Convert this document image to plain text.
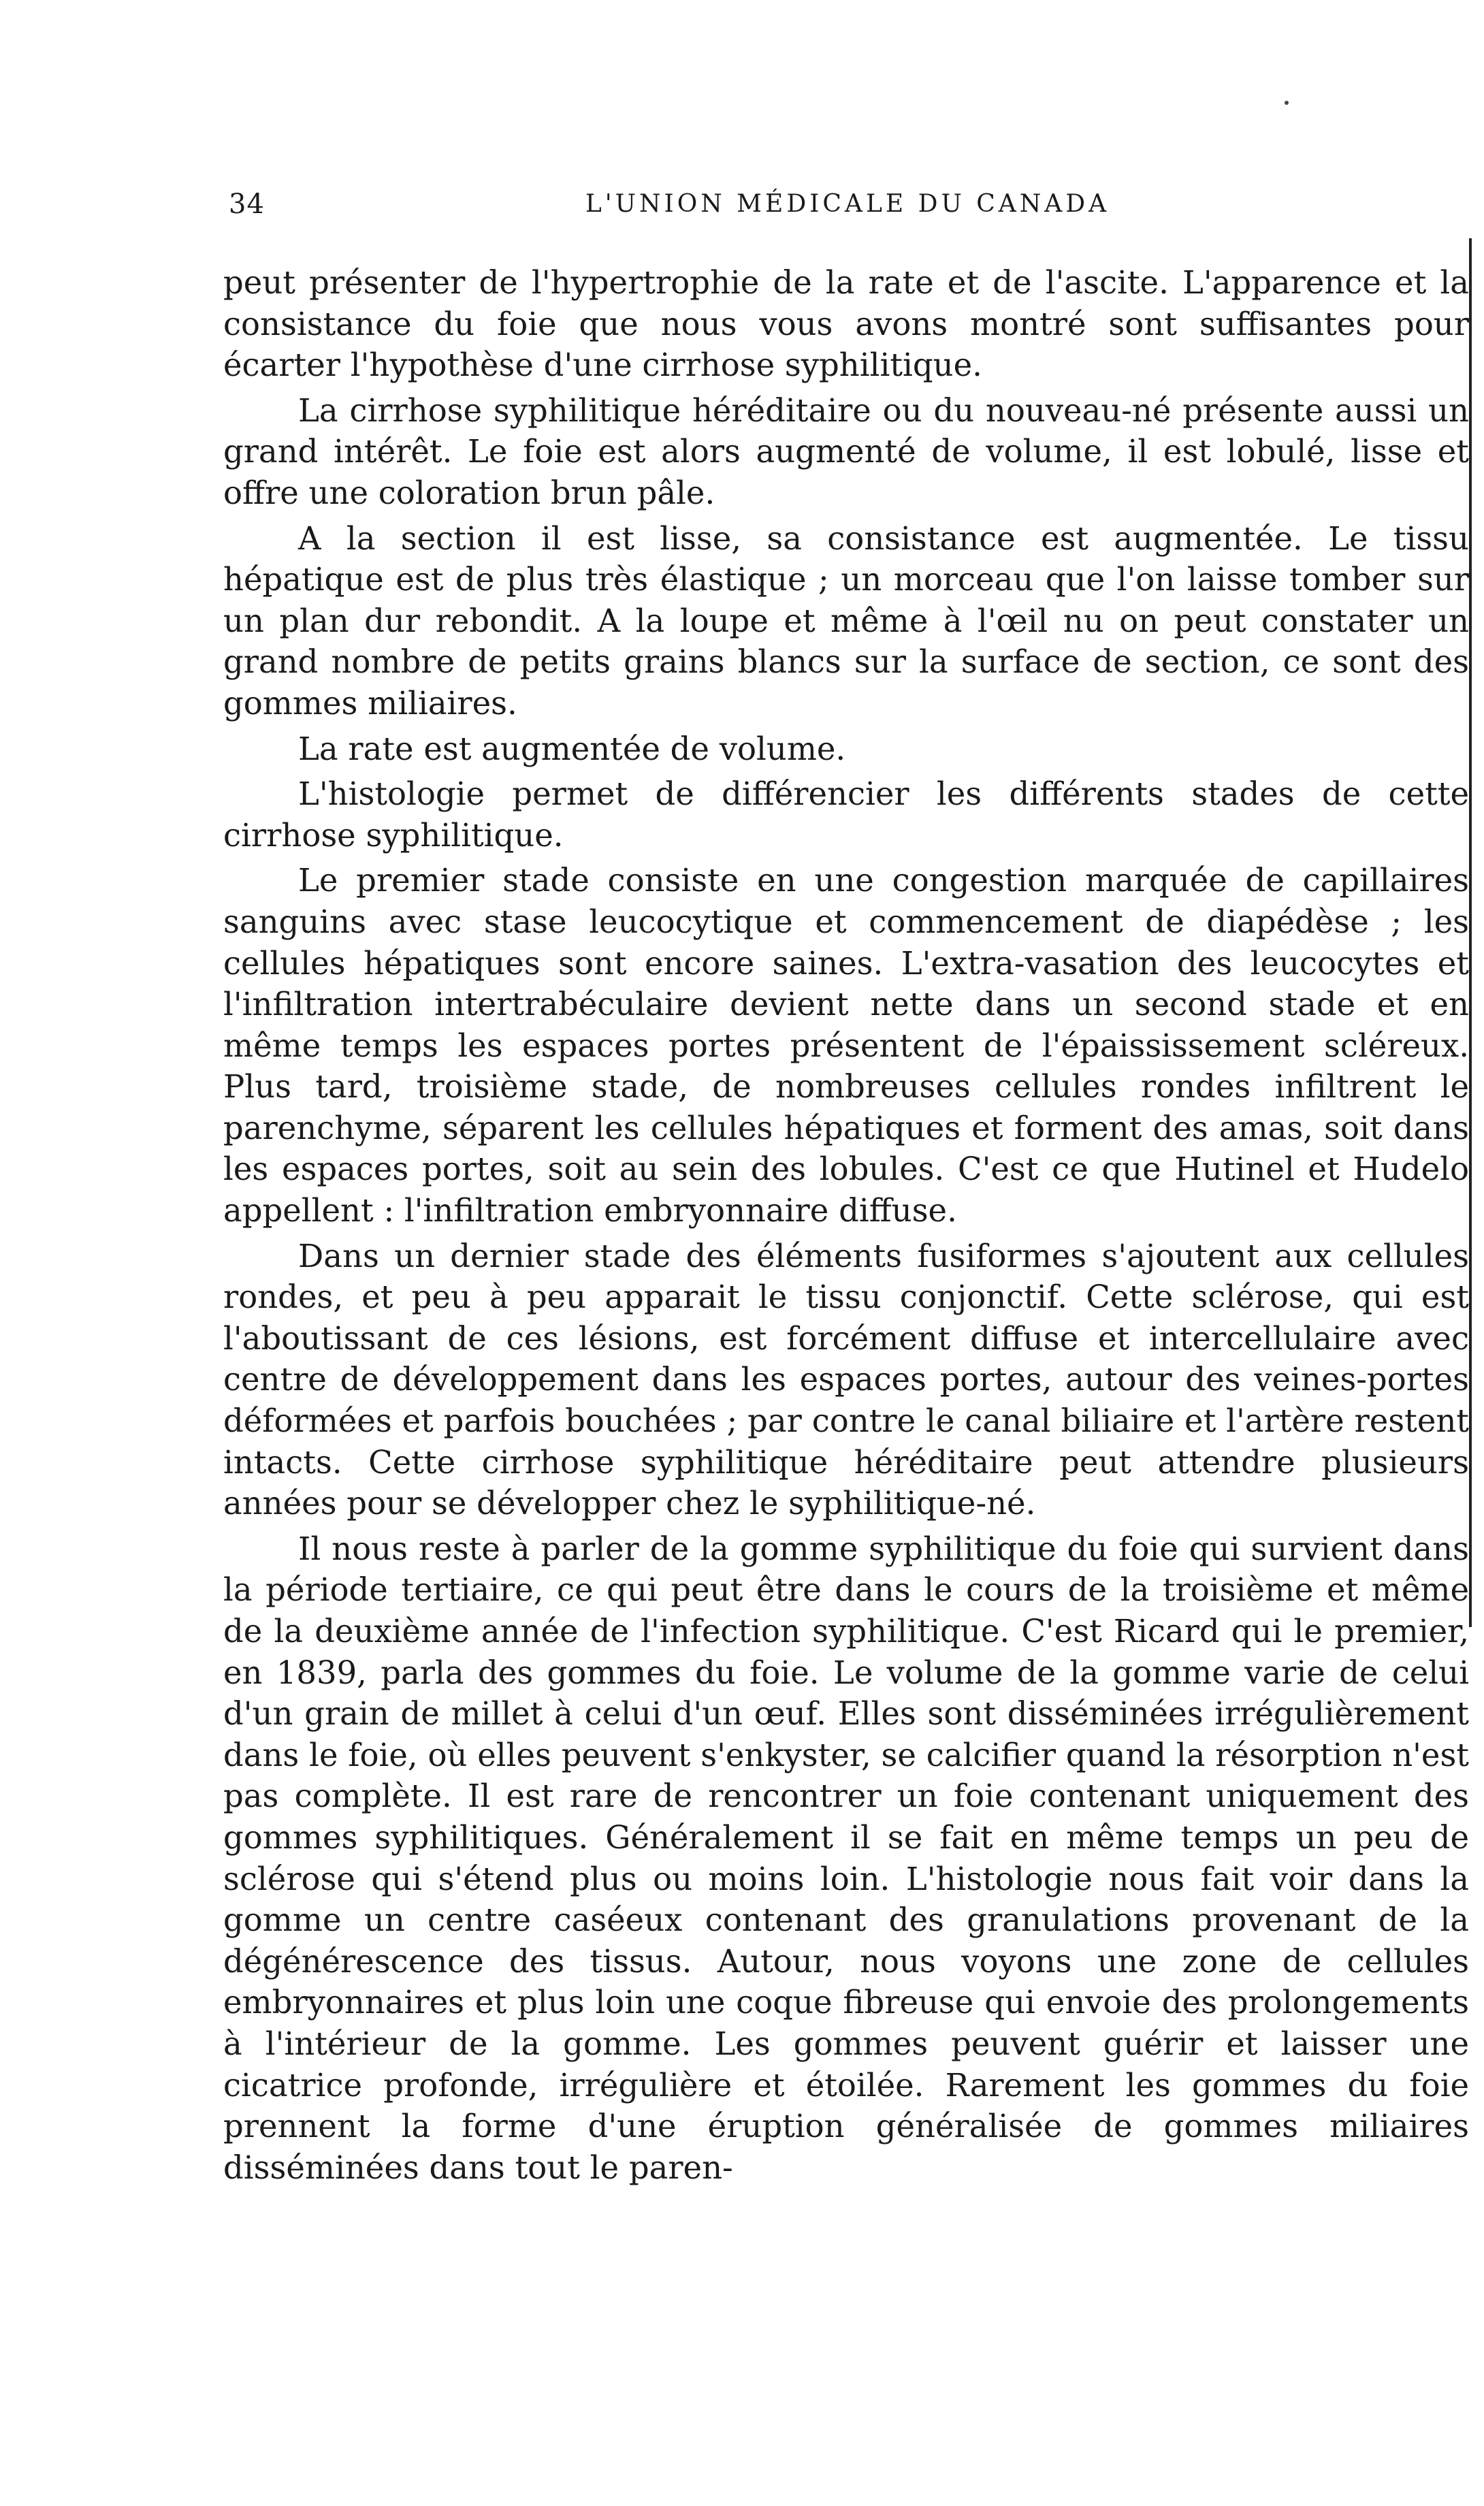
34	L'UNION MÉDICALE DU CANADA

peut présenter de l'hypertrophie de la rate et de l'ascite. L'apparence et la consistance du foie que nous vous avons montré sont suffisantes pour écarter l'hypothèse d'une cirrhose syphilitique.

La cirrhose syphilitique héréditaire ou du nouveau-né présente aussi un grand intérêt. Le foie est alors augmenté de volume, il est lobulé, lisse et offre une coloration brun pâle.

A la section il est lisse, sa consistance est augmentée. Le tissu hépatique est de plus très élastique ; un morceau que l'on laisse tomber sur un plan dur rebondit. A la loupe et même à l'œil nu on peut constater un grand nombre de petits grains blancs sur la surface de section, ce sont des gommes miliaires.

La rate est augmentée de volume.

L'histologie permet de différencier les différents stades de cette cirrhose syphilitique.

Le premier stade consiste en une congestion marquée de capillaires sanguins avec stase leucocytique et commencement de diapédèse ; les cellules hépatiques sont encore saines. L'extra-vasation des leucocytes et l'infiltration intertrabéculaire devient nette dans un second stade et en même temps les espaces portes présentent de l'épaississement scléreux. Plus tard, troisième stade, de nombreuses cellules rondes infiltrent le parenchyme, séparent les cellules hépatiques et forment des amas, soit dans les espaces portes, soit au sein des lobules. C'est ce que Hutinel et Hudelo appellent : l'infiltration embryonnaire diffuse.

Dans un dernier stade des éléments fusiformes s'ajoutent aux cellules rondes, et peu à peu apparait le tissu conjonctif. Cette sclérose, qui est l'aboutissant de ces lésions, est forcément diffuse et intercellulaire avec centre de développement dans les espaces portes, autour des veines-portes déformées et parfois bouchées ; par contre le canal biliaire et l'artère restent intacts. Cette cirrhose syphilitique héréditaire peut attendre plusieurs années pour se développer chez le syphilitique-né.

Il nous reste à parler de la gomme syphilitique du foie qui survient dans la période tertiaire, ce qui peut être dans le cours de la troisième et même de la deuxième année de l'infection syphilitique. C'est Ricard qui le premier, en 1839, parla des gommes du foie. Le volume de la gomme varie de celui d'un grain de millet à celui d'un œuf. Elles sont disséminées irrégulièrement dans le foie, où elles peuvent s'enkyster, se calcifier quand la résorption n'est pas complète. Il est rare de rencontrer un foie contenant uniquement des gommes syphilitiques. Généralement il se fait en même temps un peu de sclérose qui s'étend plus ou moins loin. L'histologie nous fait voir dans la gomme un centre caséeux contenant des granulations provenant de la dégénérescence des tissus. Autour, nous voyons une zone de cellules embryonnaires et plus loin une coque fibreuse qui envoie des prolongements à l'intérieur de la gomme. Les gommes peuvent guérir et laisser une cicatrice profonde, irrégulière et étoilée. Rarement les gommes du foie prennent la forme d'une éruption généralisée de gommes miliaires disséminées dans tout le paren-
